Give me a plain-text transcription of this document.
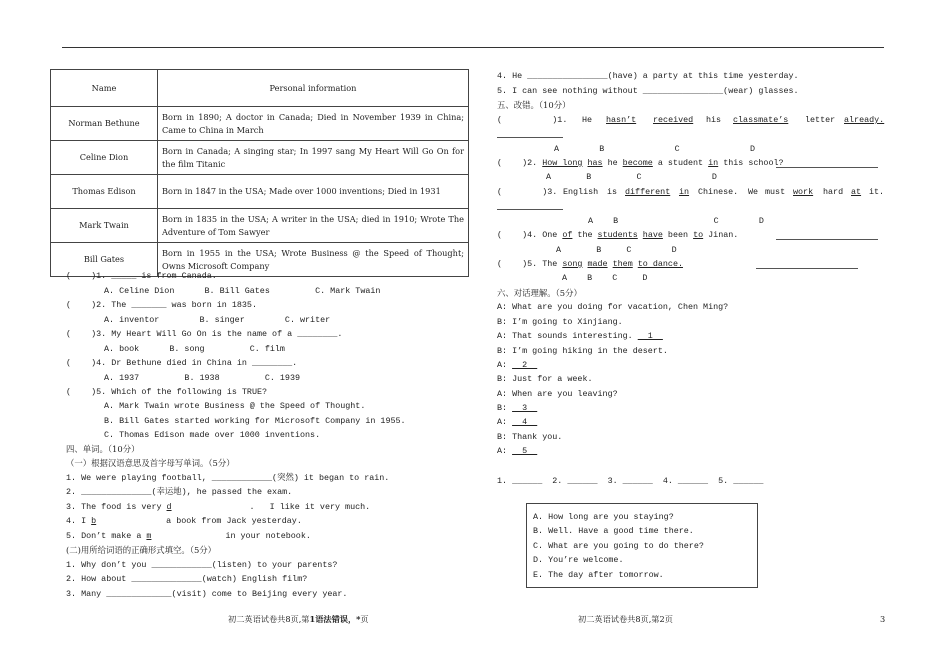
Name	Personal information
Norman Bethune	Born in 1890; A doctor in Canada; Died in November 1939 in China; Came to China in March
Celine Dion	Born in Canada; A singing star; In 1997 sang My Heart Will Go On for the film Titanic
Thomas Edison	Born in 1847 in the USA; Made over 1000 inventions; Died in 1931
Mark Twain	Born in 1835 in the USA; A writer in the USA; died in 1910; Wrote The Adventure of Tom Sawyer
Bill Gates	Born in 1955 in the USA; Wrote Business @ the Speed of Thought; Owns Microsoft Company
(    )1. _____ is from Canada.
A. Celine Dion      B. Bill Gates         C. Mark Twain
(    )2. The _______ was born in 1835.
A. inventor        B. singer        C. writer
(    )3. My Heart Will Go On is the name of a ________.
A. book      B. song         C. film
(    )4. Dr Bethune died in China in ________.
A. 1937         B. 1938         C. 1939
(    )5. Which of the following is TRUE?
A. Mark Twain wrote Business @ the Speed of Thought.
B. Bill Gates started working for Microsoft Company in 1955.
C. Thomas Edison made over 1000 inventions.
四、单词。（10分）
（一）根据汉语意思及首字母写单词。（5分）
1. We were playing football, ____________(突然) it began to rain.
2. ______________(幸运地), he passed the exam.
3. The food is very d	.   I like it very much.
4. I b	a book from Jack yesterday.
5. Don’t make a m	in your notebook.
(二)用所给词语的正确形式填空。（5分）
1. Why don’t you ____________(listen) to your parents?
2. How about ______________(watch) English film?
3. Many _____________(visit) come to Beijing every year.
4. He ________________(have) a party at this time yesterday.
5. I can see nothing without ________________(wear) glasses.
五、改错。（10分）
(          )1. He hasn’t received his classmate’s letter already.
A        B              C              D
(    )2. How long has he become a student in this school?
A       B         C              D
(        )3. English is different in Chinese. We must work hard at it.
A    B                   C        D
(    )4. One of the students have been to Jinan.
A       B     C        D
(    )5. The song made them to dance.
A    B    C     D
六、对话理解。（5分）
A: What are you doing for vacation, Chen Ming?
B: I’m going to Xinjiang.
A: That sounds interesting.   1
B: I’m going hiking in the desert.
A:   2
B: Just for a week.
A: When are you leaving?
B:   3
A:   4
B: Thank you.
A:   5
1. ______  2. ______  3. ______  4. ______  5. ______
A. How long are you staying?
B. Well. Have a good time there.
C. What are you going to do there?
D. You’re welcome.
E. The day after tomorrow.
初二英语试卷共8页,第1语法错误，*页	初二英语试卷共8页,第2页	3
